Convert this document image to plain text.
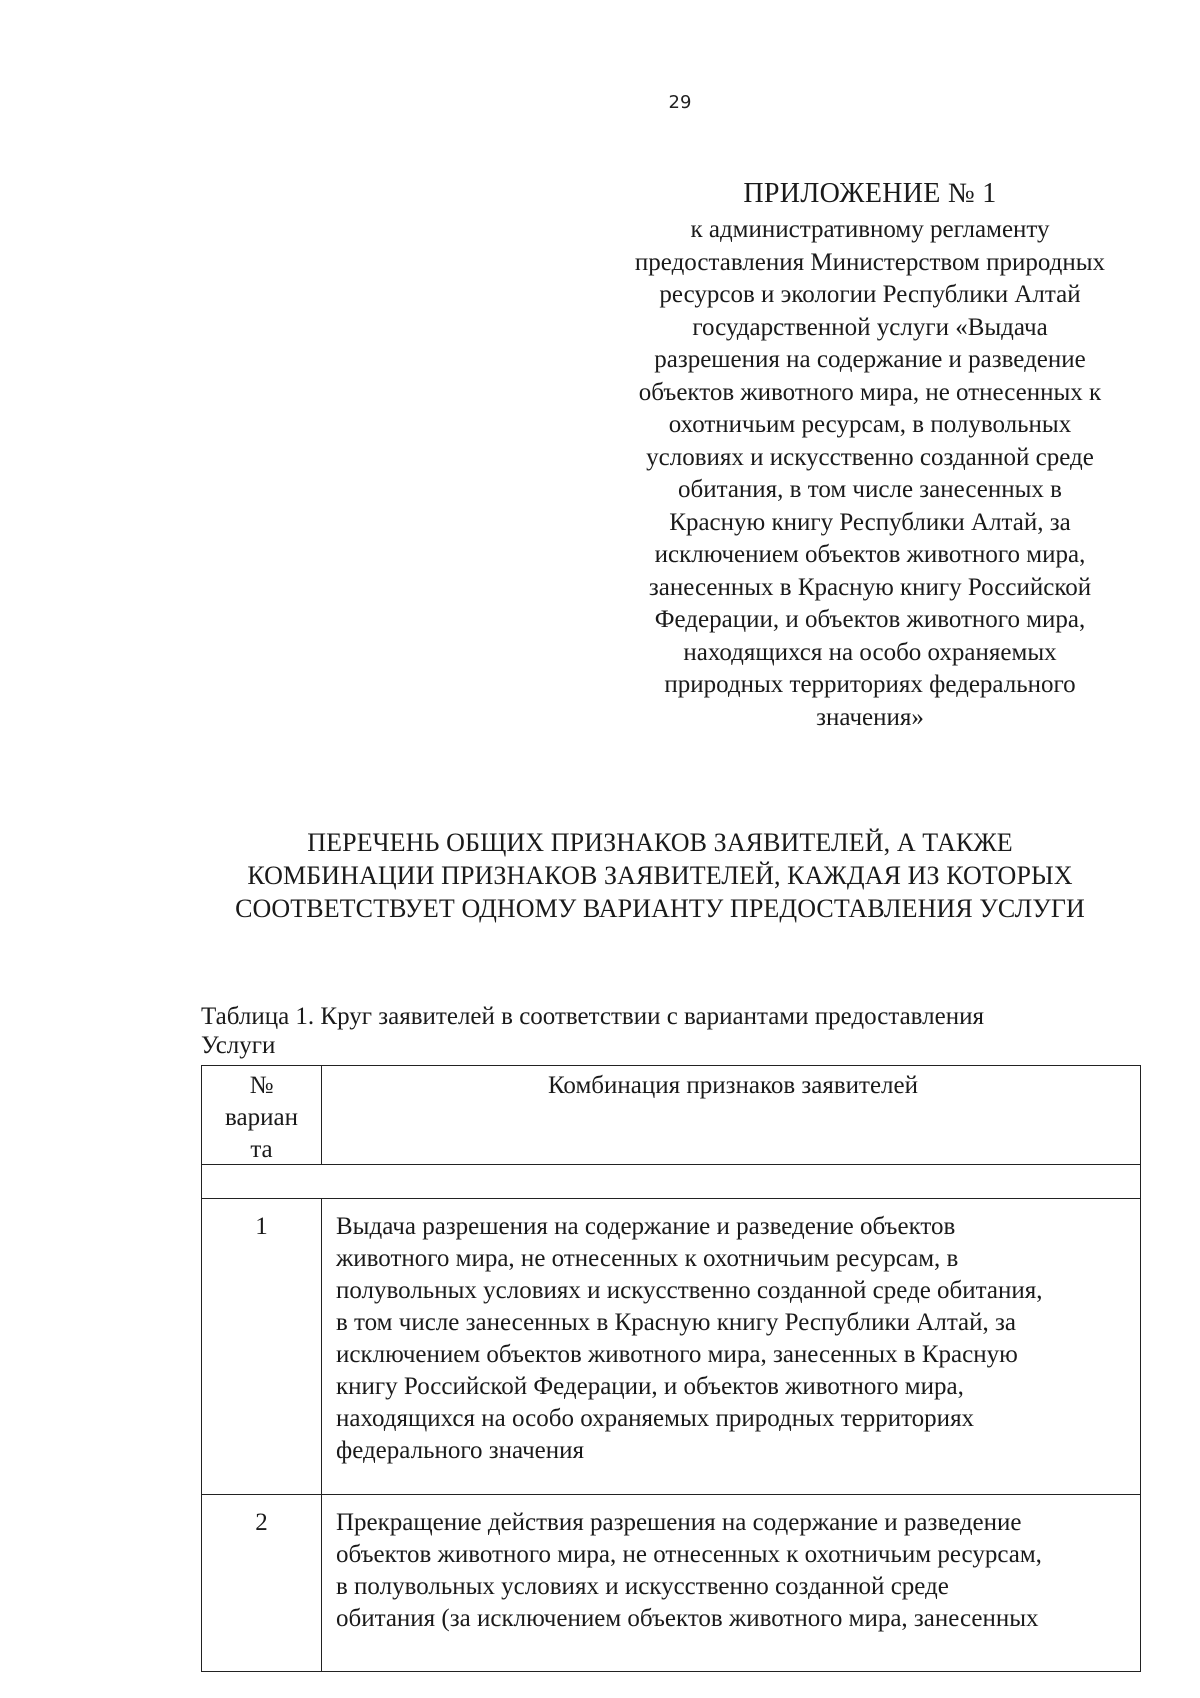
29
ПРИЛОЖЕНИЕ № 1
к административному регламенту
предоставления Министерством природных
ресурсов и экологии Республики Алтай
государственной услуги «Выдача
разрешения на содержание и разведение
объектов животного мира, не отнесенных к
охотничьим ресурсам, в полувольных
условиях и искусственно созданной среде
обитания, в том числе занесенных в
Красную книгу Республики Алтай, за
исключением объектов животного мира,
занесенных в Красную книгу Российской
Федерации, и объектов животного мира,
находящихся на особо охраняемых
природных территориях федерального
значения»
ПЕРЕЧЕНЬ ОБЩИХ ПРИЗНАКОВ ЗАЯВИТЕЛЕЙ, А ТАКЖЕ
КОМБИНАЦИИ ПРИЗНАКОВ ЗАЯВИТЕЛЕЙ, КАЖДАЯ ИЗ КОТОРЫХ
СООТВЕТСТВУЕТ ОДНОМУ ВАРИАНТУ ПРЕДОСТАВЛЕНИЯ УСЛУГИ
Таблица 1. Круг заявителей в соответствии с вариантами предоставления
Услуги
№
вариан
та
Комбинация признаков заявителей
1	Выдача разрешения на содержание и разведение объектов
животного мира, не отнесенных к охотничьим ресурсам, в
полувольных условиях и искусственно созданной среде обитания,
в том числе занесенных в Красную книгу Республики Алтай, за
исключением объектов животного мира, занесенных в Красную
книгу Российской Федерации, и объектов животного мира,
находящихся на особо охраняемых природных территориях
федерального значения
2	Прекращение действия разрешения на содержание и разведение
объектов животного мира, не отнесенных к охотничьим ресурсам,
в полувольных условиях и искусственно созданной среде
обитания (за исключением объектов животного мира, занесенных
